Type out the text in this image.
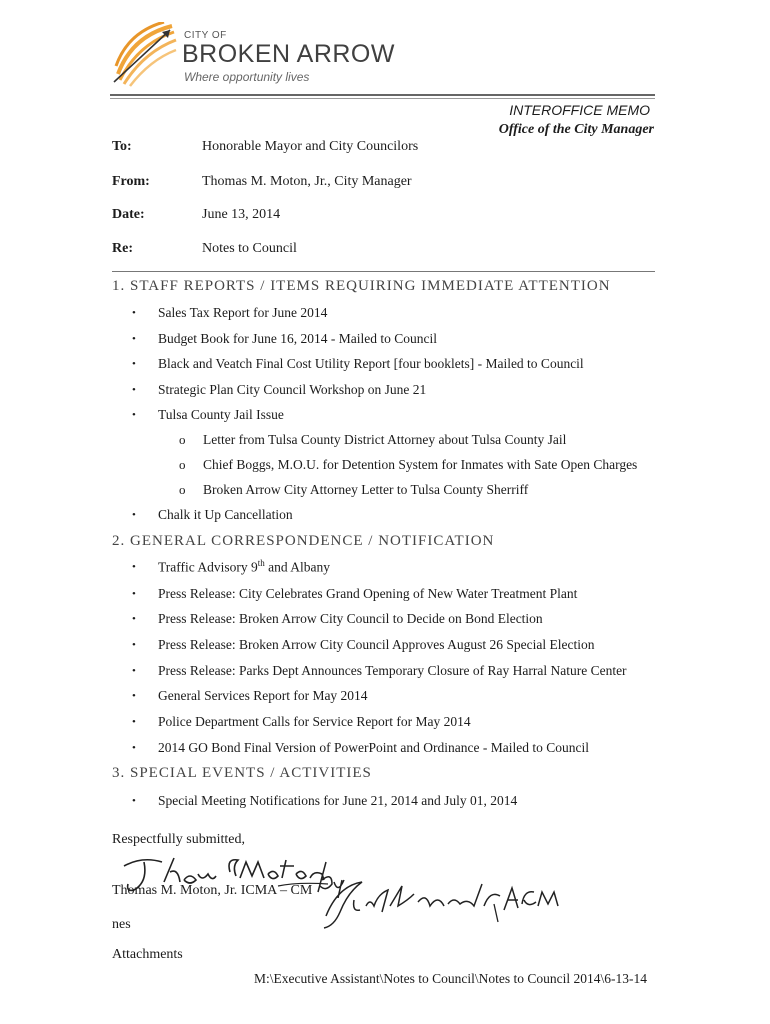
CITY OF
BROKEN ARROW
Where opportunity lives
INTEROFFICE MEMO
Office of the City Manager
To:	Honorable Mayor and City Councilors
From:	Thomas M. Moton, Jr., City Manager
Date:	June 13, 2014
Re:	Notes to Council
1. STAFF REPORTS / ITEMS REQUIRING IMMEDIATE ATTENTION
• Sales Tax Report for June 2014
• Budget Book for June 16, 2014 - Mailed to Council
• Black and Veatch Final Cost Utility Report [four booklets] - Mailed to Council
• Strategic Plan City Council Workshop on June 21
• Tulsa County Jail Issue
o Letter from Tulsa County District Attorney about Tulsa County Jail
o Chief Boggs, M.O.U. for Detention System for Inmates with Sate Open Charges
o Broken Arrow City Attorney Letter to Tulsa County Sherriff
• Chalk it Up Cancellation
2. GENERAL CORRESPONDENCE / NOTIFICATION
• Traffic Advisory 9th and Albany
• Press Release: City Celebrates Grand Opening of New Water Treatment Plant
• Press Release: Broken Arrow City Council to Decide on Bond Election
• Press Release: Broken Arrow City Council Approves August 26 Special Election
• Press Release: Parks Dept Announces Temporary Closure of Ray Harral Nature Center
• General Services Report for May 2014
• Police Department Calls for Service Report for May 2014
• 2014 GO Bond Final Version of PowerPoint and Ordinance - Mailed to Council
3. SPECIAL EVENTS / ACTIVITIES
• Special Meeting Notifications for June 21, 2014 and July 01, 2014
Respectfully submitted,
Thomas M. Moton, Jr. ICMA – CM
nes
Attachments
M:\Executive Assistant\Notes to Council\Notes to Council 2014\6-13-14
